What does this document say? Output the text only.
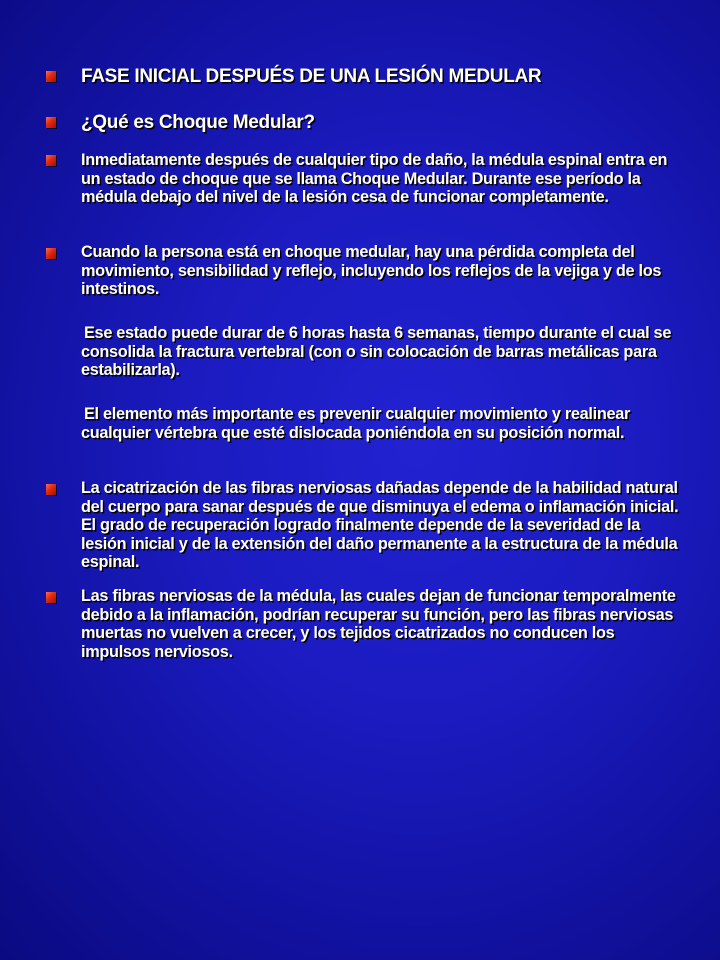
FASE INICIAL DESPUÉS DE UNA LESIÓN MEDULAR
¿Qué es Choque Medular?
Inmediatamente después de cualquier tipo de daño, la médula espinal entra en un estado de choque que se llama Choque Medular. Durante ese período la médula debajo del nivel de la lesión cesa de funcionar completamente.
Cuando la persona está en choque medular, hay una pérdida completa del movimiento, sensibilidad y reflejo, incluyendo los reflejos de la vejiga y de los intestinos.
Ese estado puede durar de 6 horas hasta 6 semanas, tiempo durante el cual se consolida la fractura vertebral (con o sin colocación de barras metálicas para estabilizarla).
El elemento más importante es prevenir cualquier movimiento y realinear cualquier vértebra que esté dislocada poniéndola en su posición normal.
La cicatrización de las fibras nerviosas dañadas depende de la habilidad natural del cuerpo para sanar después de que disminuya el edema o inflamación inicial. El grado de recuperación logrado finalmente depende de la severidad de la lesión inicial y de la extensión del daño permanente a la estructura de la médula espinal.
Las fibras nerviosas de la médula, las cuales dejan de funcionar temporalmente debido a la inflamación, podrían recuperar su función, pero las fibras nerviosas muertas no vuelven a crecer, y los tejidos cicatrizados no conducen los impulsos nerviosos.
